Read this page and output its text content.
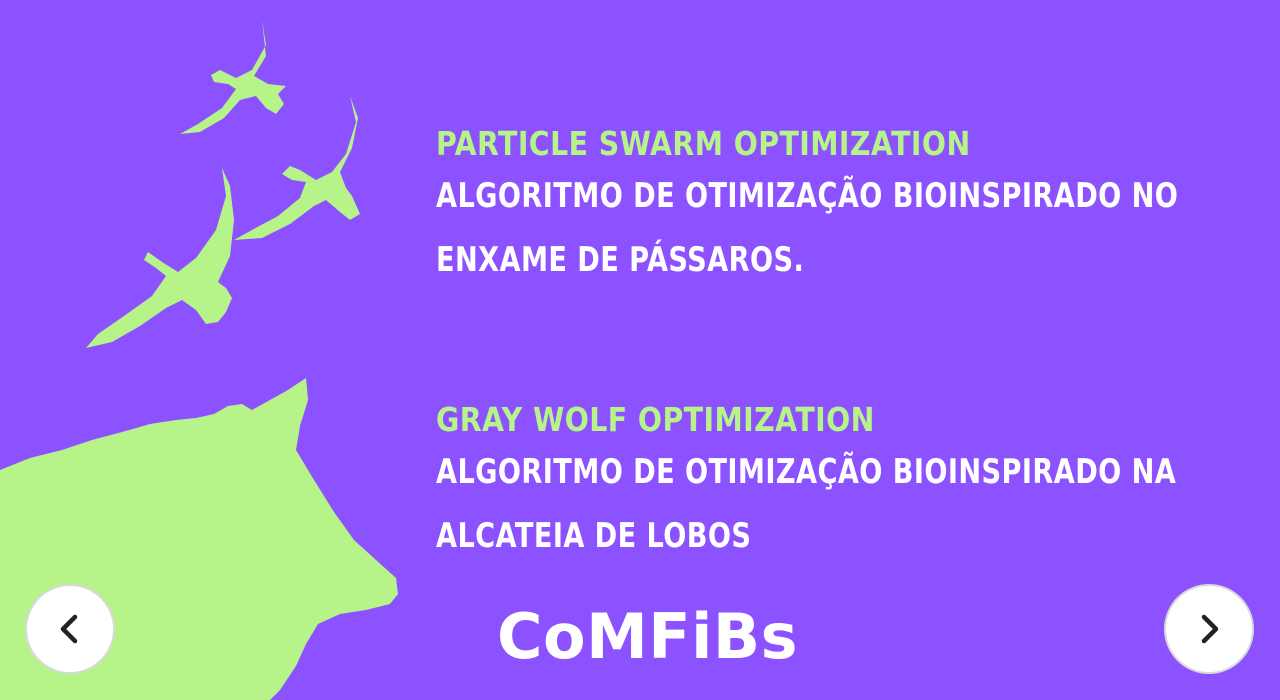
PARTICLE SWARM OPTIMIZATION
ALGORITMO DE OTIMIZAÇÃO BIOINSPIRADO NO ENXAME DE PÁSSAROS.
GRAY WOLF OPTIMIZATION
ALGORITMO DE OTIMIZAÇÃO BIOINSPIRADO NA ALCATEIA DE LOBOS
CoMFiBs
